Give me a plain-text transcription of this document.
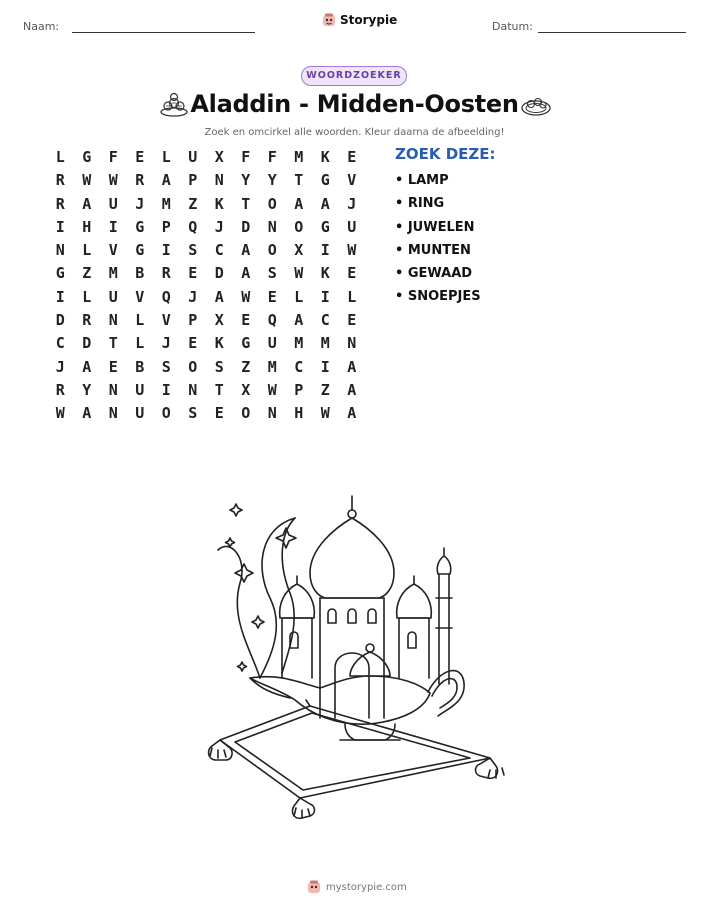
Naam:	Storypie	Datum:
WOORDZOEKER
Aladdin - Midden-Oosten
Zoek en omcirkel alle woorden. Kleur daarna de afbeelding!
L	G	F	E	L	U	X	F	F	M	K	E
R	W	W	R	A	P	N	Y	Y	T	G	V
R	A	U	J	M	Z	K	T	O	A	A	J
I	H	I	G	P	Q	J	D	N	O	G	U
N	L	V	G	I	S	C	A	O	X	I	W
G	Z	M	B	R	E	D	A	S	W	K	E
I	L	U	V	Q	J	A	W	E	L	I	L
D	R	N	L	V	P	X	E	Q	A	C	E
C	D	T	L	J	E	K	G	U	M	M	N
J	A	E	B	S	O	S	Z	M	C	I	A
R	Y	N	U	I	N	T	X	W	P	Z	A
W	A	N	U	O	S	E	O	N	H	W	A
ZOEK DEZE:
• LAMP
• RING
• JUWELEN
• MUNTEN
• GEWAAD
• SNOEPJES
mystorypie.com
